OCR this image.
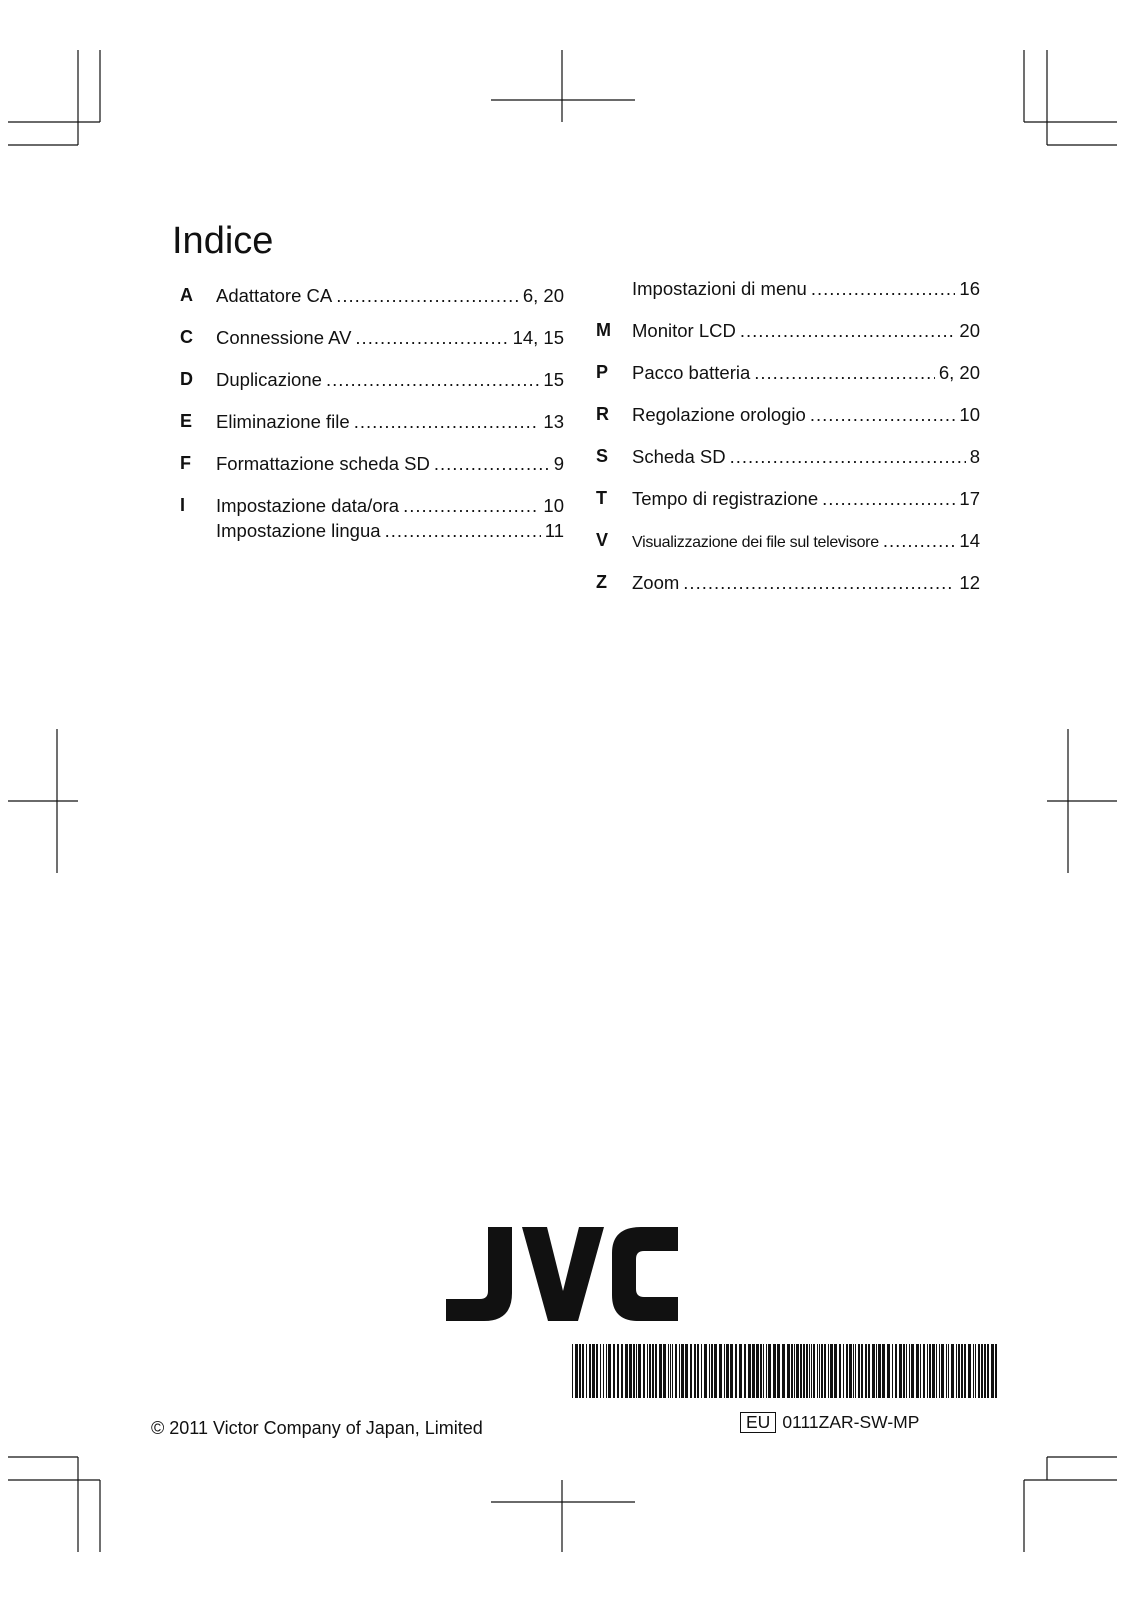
Indice
A Adattatore CA .....	6, 20
C Connessione AV .....	14, 15
D Duplicazione .....	15
E Eliminazione file .....	13
F Formattazione scheda SD .....	9
I Impostazione data/ora .....	10
Impostazione lingua .....	11
Impostazioni di menu .....	16
M Monitor LCD .....	20
P Pacco batteria .....	6, 20
R Regolazione orologio .....	10
S Scheda SD .....	8
T Tempo di registrazione .....	17
V Visualizzazione dei file sul televisore .....	14
Z Zoom .....	12
© 2011 Victor Company of Japan, Limited	EU 0111ZAR-SW-MP
